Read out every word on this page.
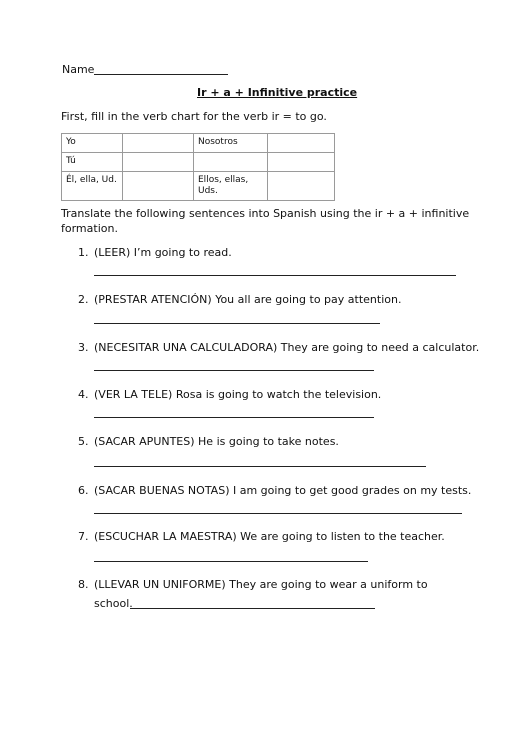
Name
Ir + a + Infinitive practice
First, fill in the verb chart for the verb ir = to go.
Yo		Nosotros	
Tú			
Él, ella, Ud.		Ellos, ellas, Uds.	
Translate the following sentences into Spanish using the ir + a + infinitive
formation.
1. (LEER) I’m going to read.
2. (PRESTAR ATENCIÓN) You all are going to pay attention.
3. (NECESITAR UNA CALCULADORA) They are going to need a calculator.
4. (VER LA TELE) Rosa is going to watch the television.
5. (SACAR APUNTES) He is going to take notes.
6. (SACAR BUENAS NOTAS) I am going to get good grades on my tests.
7. (ESCUCHAR LA MAESTRA) We are going to listen to the teacher.
8. (LLEVAR UN UNIFORME) They are going to wear a uniform to
school.
